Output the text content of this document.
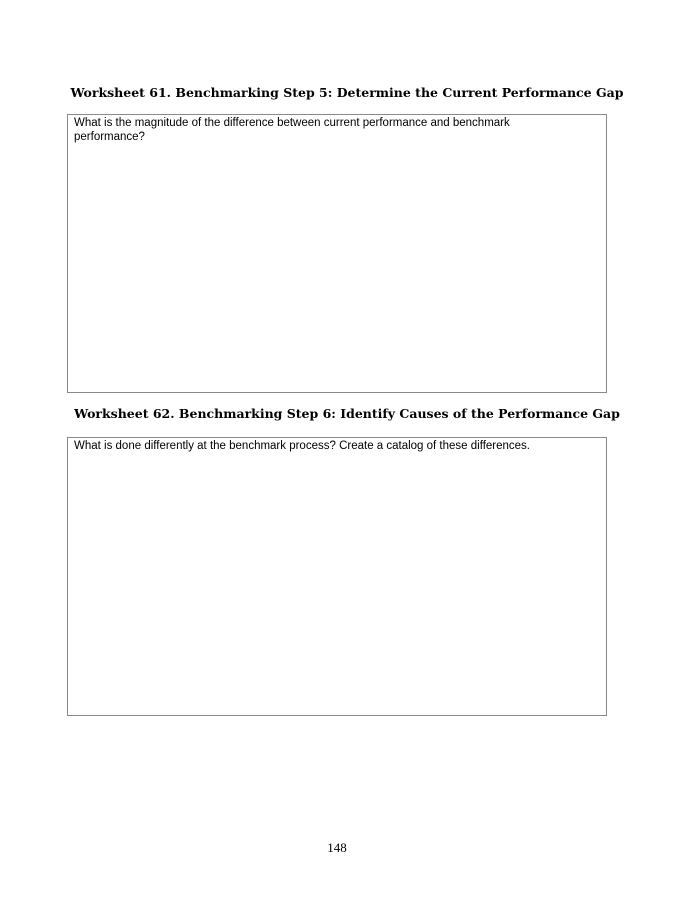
Worksheet 61. Benchmarking Step 5: Determine the Current Performance Gap

What is the magnitude of the difference between current performance and benchmark performance?

Worksheet 62. Benchmarking Step 6: Identify Causes of the Performance Gap

What is done differently at the benchmark process? Create a catalog of these differences.

148
